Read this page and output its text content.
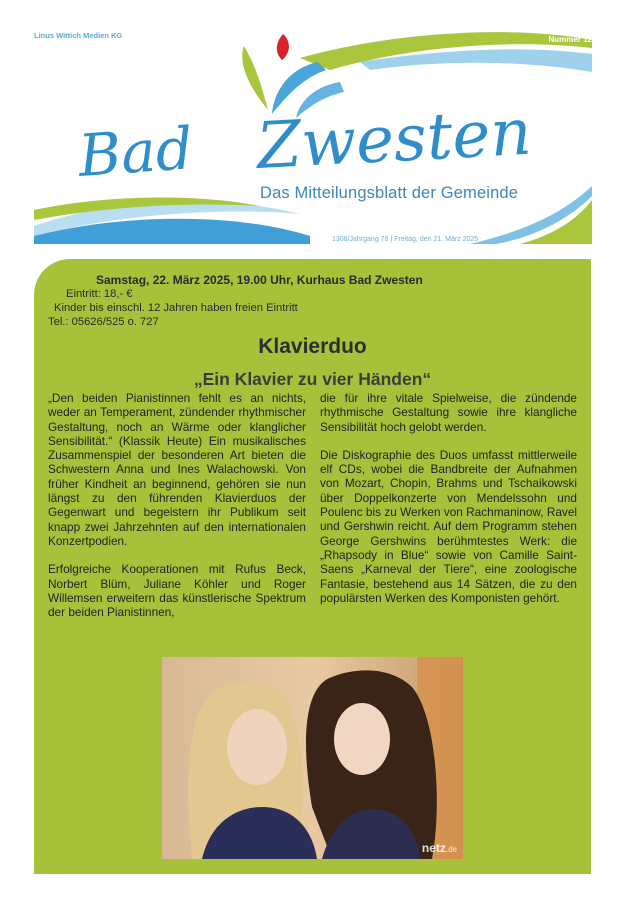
Bad Zwesten
Linus Wittich Medien KG	Nummer 12
Das Mitteilungsblatt der Gemeinde
1308/Jahrgang 78 | Freitag, den 21. März 2025
Samstag, 22. März 2025, 19.00 Uhr, Kurhaus Bad Zwesten
Eintritt: 18,- €
Kinder bis einschl. 12 Jahren haben freien Eintritt
Tel.: 05626/525 o. 727
Klavierduo
„Ein Klavier zu vier Händen“

„Den beiden Pianistinnen fehlt es an nichts, weder an Temperament, zündender rhythmischer Gestaltung, noch an Wärme oder klanglicher Sensibilität.“ (Klassik Heute) Ein musikalisches Zusammenspiel der besonderen Art bieten die Schwestern Anna und Ines Walachowski. Von früher Kindheit an beginnend, gehören sie nun längst zu den führenden Klavierduos der Gegenwart und begeistern ihr Publikum seit knapp zwei Jahrzehnten auf den internationalen Konzertpodien.

Erfolgreiche Kooperationen mit Rufus Beck, Norbert Blüm, Juliane Köhler und Roger Willemsen erweitern das künstlerische Spektrum der beiden Pianistinnen,

die für ihre vitale Spielweise, die zündende rhythmische Gestaltung sowie ihre klangliche Sensibilität hoch gelobt werden.

Die Diskographie des Duos umfasst mittlerweile elf CDs, wobei die Bandbreite der Aufnahmen von Mozart, Chopin, Brahms und Tschaikowski über Doppelkonzerte von Mendelssohn und Poulenc bis zu Werken von Rachmaninow, Ravel und Gershwin reicht. Auf dem Programm stehen George Gershwins berühmtestes Werk: die „Rhapsody in Blue“ sowie von Camille Saint-Saens „Karneval der Tiere“, eine zoologische Fantasie, bestehend aus 14 Sätzen, die zu den populärsten Werken des Komponisten gehört.

netz.de
